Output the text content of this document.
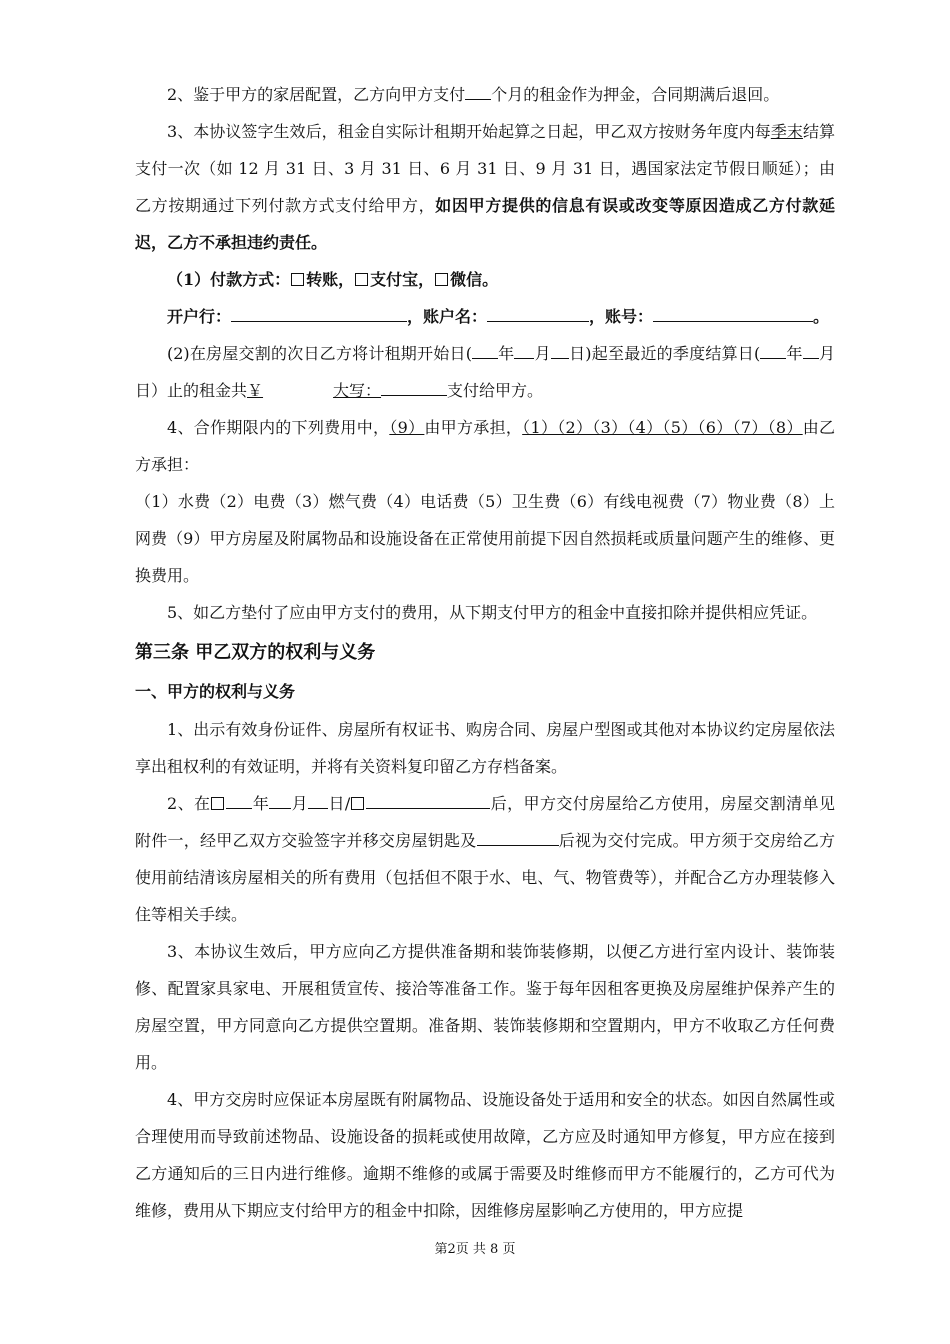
2、鉴于甲方的家居配置，乙方向甲方支付 个月的租金作为押金，合同期满后退回。

3、本协议签字生效后，租金自实际计租期开始起算之日起，甲乙双方按财务年度内每季末结算支付一次（如 12 月 31 日、3 月 31 日、6 月 31 日、9 月 31 日，遇国家法定节假日顺延）；由乙方按期通过下列付款方式支付给甲方，如因甲方提供的信息有误或改变等原因造成乙方付款延迟，乙方不承担违约责任。

（1）付款方式： 转账， 支付宝， 微信。

开户行：	，账户名：	，账号：	。

(2)在房屋交割的次日乙方将计租期开始日( 年 月 日)起至最近的季度结算日( 年 月日）止的租金共￥	大写：	支付给甲方。

4、合作期限内的下列费用中，（9）由甲方承担，（1）（2）（3）（4）（5）（6）（7）（8）由乙方承担：

（1）水费（2）电费（3）燃气费（4）电话费（5）卫生费（6）有线电视费（7）物业费（8）上网费（9）甲方房屋及附属物品和设施设备在正常使用前提下因自然损耗或质量问题产生的维修、更换费用。

5、如乙方垫付了应由甲方支付的费用，从下期支付甲方的租金中直接扣除并提供相应凭证。

第三条 甲乙双方的权利与义务
一、甲方的权利与义务

1、出示有效身份证件、房屋所有权证书、购房合同、房屋户型图或其他对本协议约定房屋依法享出租权利的有效证明，并将有关资料复印留乙方存档备案。

2、在	年 月 日/	后，甲方交付房屋给乙方使用，房屋交割清单见附件一，经甲乙双方交验签字并移交房屋钥匙及	后视为交付完成。甲方须于交房给乙方使用前结清该房屋相关的所有费用（包括但不限于水、电、气、物管费等），并配合乙方办理装修入住等相关手续。

3、本协议生效后，甲方应向乙方提供准备期和装饰装修期，以便乙方进行室内设计、装饰装修、配置家具家电、开展租赁宣传、接洽等准备工作。鉴于每年因租客更换及房屋维护保养产生的房屋空置，甲方同意向乙方提供空置期。准备期、装饰装修期和空置期内，甲方不收取乙方任何费用。

4、甲方交房时应保证本房屋既有附属物品、设施设备处于适用和安全的状态。如因自然属性或合理使用而导致前述物品、设施设备的损耗或使用故障，乙方应及时通知甲方修复，甲方应在接到乙方通知后的三日内进行维修。逾期不维修的或属于需要及时维修而甲方不能履行的，乙方可代为维修，费用从下期应支付给甲方的租金中扣除，因维修房屋影响乙方使用的，甲方应提

第2页 共 8 页
